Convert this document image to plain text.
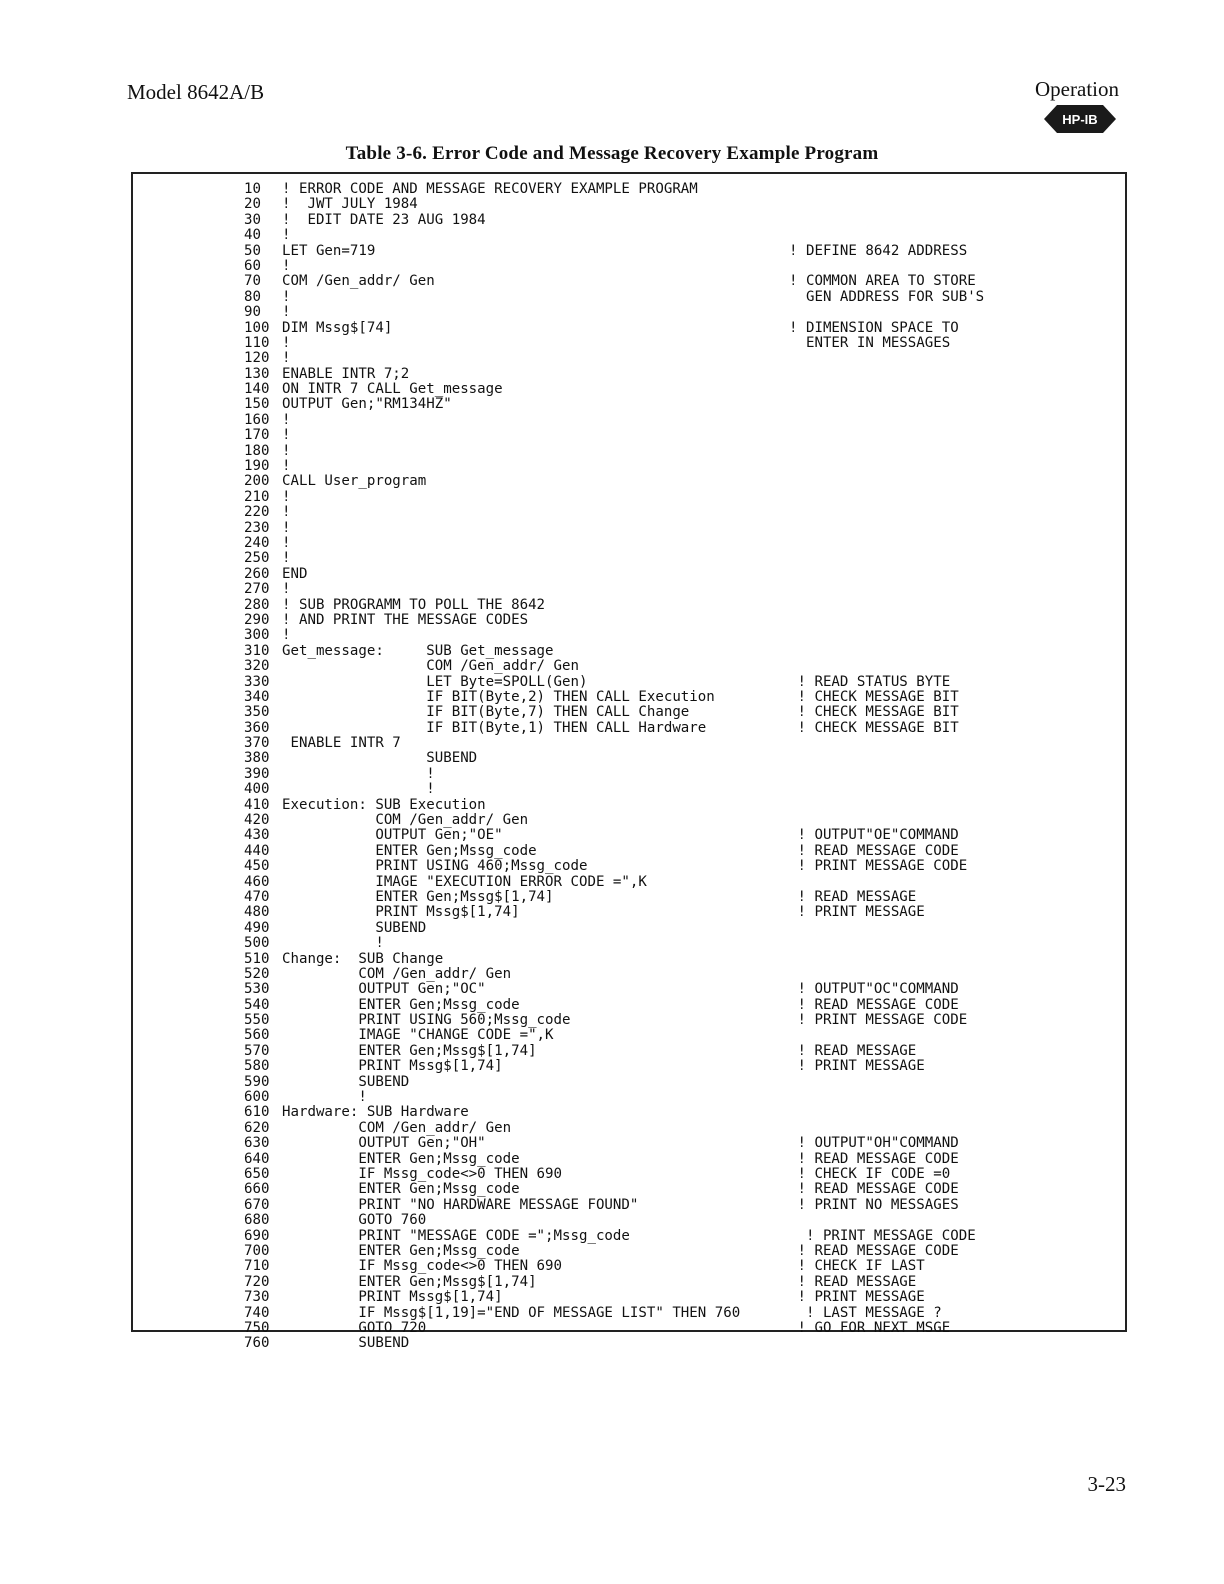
Model 8642A/B	Operation
HP-IB
Table 3-6. Error Code and Message Recovery Example Program
10	! ERROR CODE AND MESSAGE RECOVERY EXAMPLE PROGRAM
20	!  JWT JULY 1984
30	!  EDIT DATE 23 AUG 1984
40	!
50	LET Gen=719	! DEFINE 8642 ADDRESS
60	!
70	COM /Gen_addr/ Gen	! COMMON AREA TO STORE
80	!	GEN ADDRESS FOR SUB'S
90	!
100 DIM Mssg$[74]	! DIMENSION SPACE TO
110 !	ENTER IN MESSAGES
120 !
130 ENABLE INTR 7;2
140 ON INTR 7 CALL Get_message
150 OUTPUT Gen;"RM134HZ"
160 !
170 !
180 !
190 !
200 CALL User_program
210 !
220 !
230 !
240 !
250 !
260 END
270 !
280 ! SUB PROGRAMM TO POLL THE 8642
290 ! AND PRINT THE MESSAGE CODES
300 !
310 Get_message:     SUB Get_message
320 COM /Gen_addr/ Gen
330 LET Byte=SPOLL(Gen)	! READ STATUS BYTE
340 IF BIT(Byte,2) THEN CALL Execution	! CHECK MESSAGE BIT
350 IF BIT(Byte,7) THEN CALL Change	! CHECK MESSAGE BIT
360 IF BIT(Byte,1) THEN CALL Hardware	! CHECK MESSAGE BIT
370 ENABLE INTR 7
380 SUBEND
390 !
400 !
410 Execution: SUB Execution
420 COM /Gen_addr/ Gen
430 OUTPUT Gen;"OE"	! OUTPUT"OE"COMMAND
440 ENTER Gen;Mssg_code	! READ MESSAGE CODE
450 PRINT USING 460;Mssg_code	! PRINT MESSAGE CODE
460 IMAGE "EXECUTION ERROR CODE =",K
470 ENTER Gen;Mssg$[1,74]	! READ MESSAGE
480 PRINT Mssg$[1,74]	! PRINT MESSAGE
490 SUBEND
500 !
510 Change:  SUB Change
520 COM /Gen_addr/ Gen
530 OUTPUT Gen;"OC"	! OUTPUT"OC"COMMAND
540 ENTER Gen;Mssg_code	! READ MESSAGE CODE
550 PRINT USING 560;Mssg_code	! PRINT MESSAGE CODE
560 IMAGE "CHANGE CODE =",K
570 ENTER Gen;Mssg$[1,74]	! READ MESSAGE
580 PRINT Mssg$[1,74]	! PRINT MESSAGE
590 SUBEND
600 !
610 Hardware: SUB Hardware
620 COM /Gen_addr/ Gen
630 OUTPUT Gen;"OH"	! OUTPUT"OH"COMMAND
640 ENTER Gen;Mssg_code	! READ MESSAGE CODE
650 IF Mssg_code<>0 THEN 690	! CHECK IF CODE =0
660 ENTER Gen;Mssg_code	! READ MESSAGE CODE
670 PRINT "NO HARDWARE MESSAGE FOUND"	! PRINT NO MESSAGES
680 GOTO 760
690 PRINT "MESSAGE CODE =";Mssg_code	! PRINT MESSAGE CODE
700 ENTER Gen;Mssg_code	! READ MESSAGE CODE
710 IF Mssg_code<>0 THEN 690	! CHECK IF LAST
720 ENTER Gen;Mssg$[1,74]	! READ MESSAGE
730 PRINT Mssg$[1,74]	! PRINT MESSAGE
740 IF Mssg$[1,19]="END OF MESSAGE LIST" THEN 760	! LAST MESSAGE ?
750 GOTO 720	! GO FOR NEXT MSGE
760 SUBEND
3-23
